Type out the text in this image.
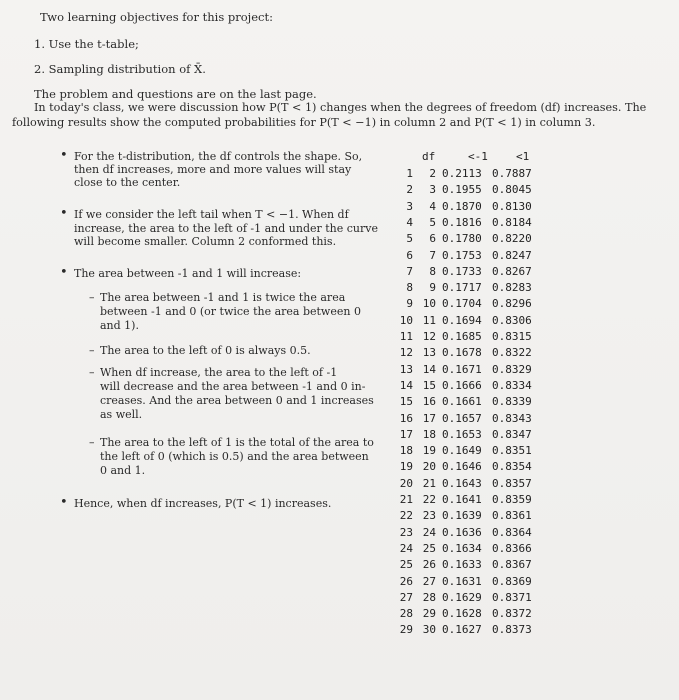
Two learning objectives for this project:
1. Use the t-table;
2. Sampling distribution of X̄.
The problem and questions are on the last page.
In today's class, we were discussion how P(T < 1) changes when the degrees of freedom (df) increases. The
following results show the computed probabilities for P(T < −1) in column 2 and P(T < 1) in column 3.
• For the t-distribution, the df controls the shape. So,
then df increases, more and more values will stay
close to the center.
• If we consider the left tail when T < −1. When df
increase, the area to the left of -1 and under the curve
will become smaller. Column 2 conformed this.
• The area between -1 and 1 will increase:
– The area between -1 and 1 is twice the area
between -1 and 0 (or twice the area between 0
and 1).
– The area to the left of 0 is always 0.5.
– When df increase, the area to the left of -1
will decrease and the area between -1 and 0 in-
creases. And the area between 0 and 1 increases
as well.
– The area to the left of 1 is the total of the area to
the left of 0 (which is 0.5) and the area between
0 and 1.
• Hence, when df increases, P(T < 1) increases.
df	<-1	<1
1	2 0.2113 0.7887
2	3 0.1955 0.8045
3	4 0.1870 0.8130
4	5 0.1816 0.8184
5	6 0.1780 0.8220
6	7 0.1753 0.8247
7	8 0.1733 0.8267
8	9 0.1717 0.8283
9 10 0.1704 0.8296
10 11 0.1694 0.8306
11 12 0.1685 0.8315
12 13 0.1678 0.8322
13 14 0.1671 0.8329
14 15 0.1666 0.8334
15 16 0.1661 0.8339
16 17 0.1657 0.8343
17 18 0.1653 0.8347
18 19 0.1649 0.8351
19 20 0.1646 0.8354
20 21 0.1643 0.8357
21 22 0.1641 0.8359
22 23 0.1639 0.8361
23 24 0.1636 0.8364
24 25 0.1634 0.8366
25 26 0.1633 0.8367
26 27 0.1631 0.8369
27 28 0.1629 0.8371
28 29 0.1628 0.8372
29 30 0.1627 0.8373
